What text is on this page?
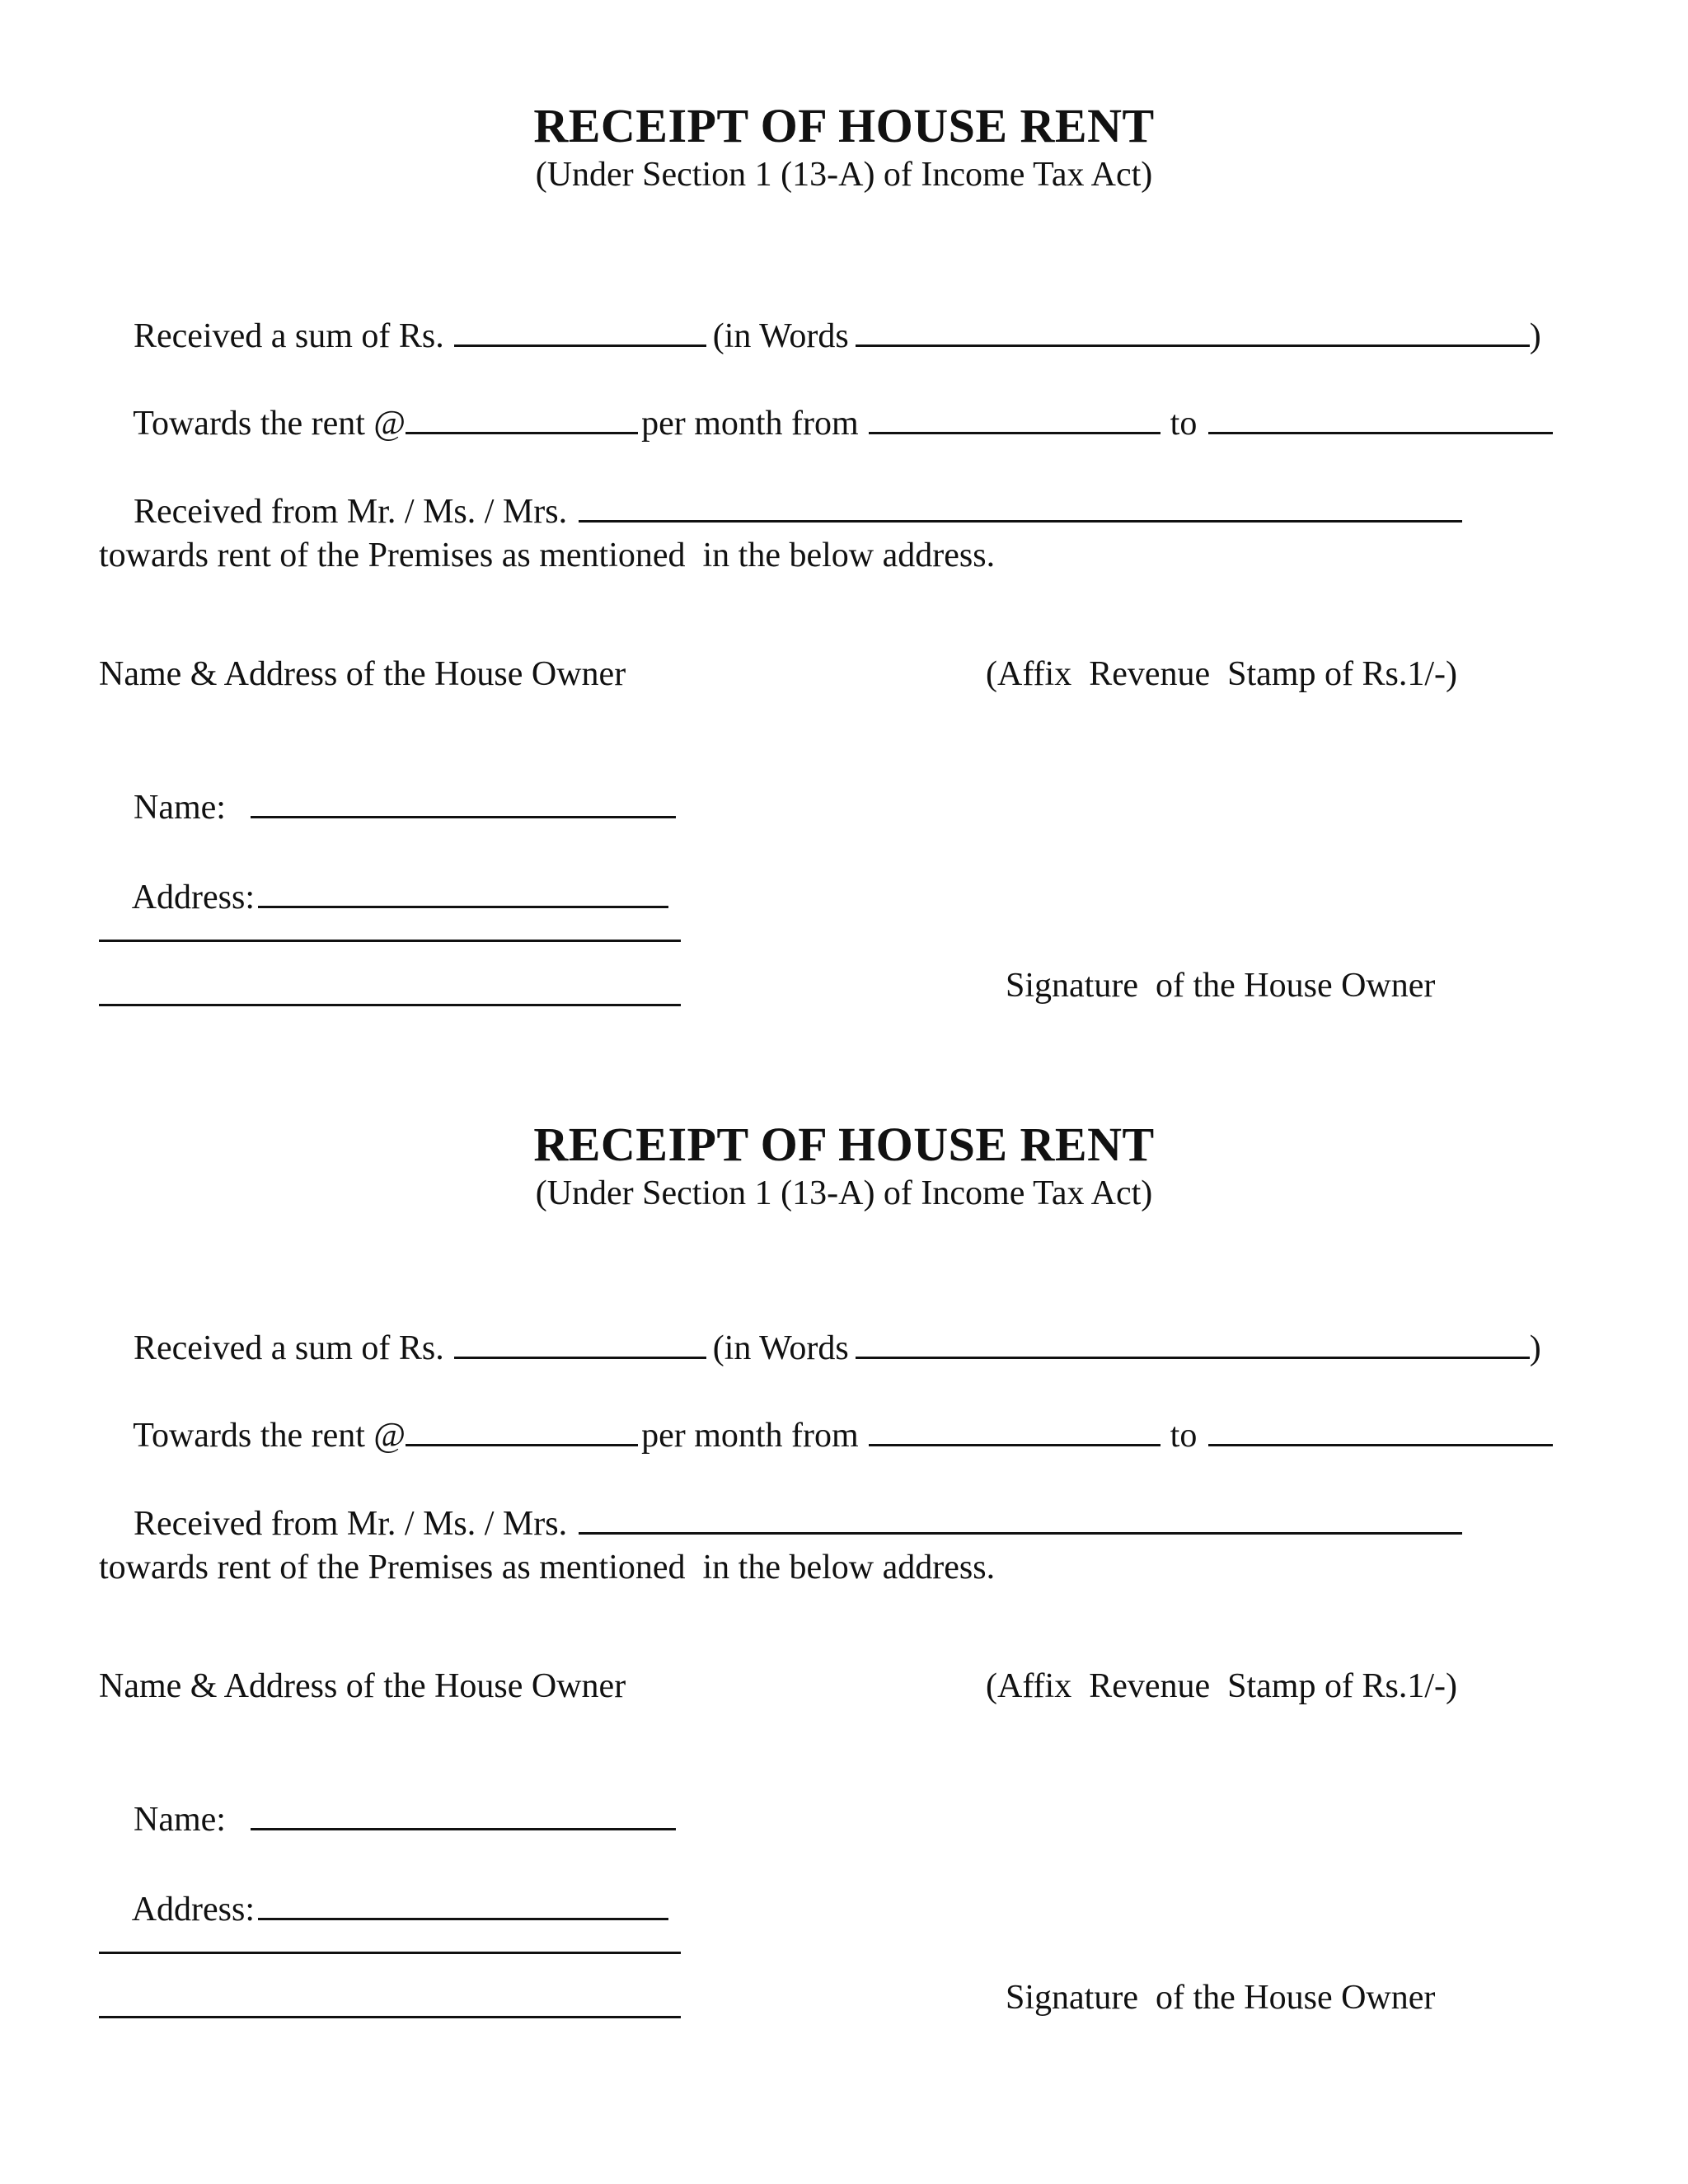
RECEIPT OF HOUSE RENT
(Under Section 1 (13-A) of Income Tax Act)

Received a sum of Rs.	(in Words	)

Towards the rent @	per month from	to

Received from Mr. / Ms. / Mrs.

towards rent of the Premises as mentioned  in the below address.
Name & Address of the House Owner	(Affix  Revenue  Stamp of Rs.1/-)

Name:

Address:

Signature  of the House Owner
RECEIPT OF HOUSE RENT
(Under Section 1 (13-A) of Income Tax Act)

Received a sum of Rs.	(in Words	)

Towards the rent @	per month from	to

Received from Mr. / Ms. / Mrs.

towards rent of the Premises as mentioned  in the below address.
Name & Address of the House Owner	(Affix  Revenue  Stamp of Rs.1/-)

Name:

Address:

Signature  of the House Owner
